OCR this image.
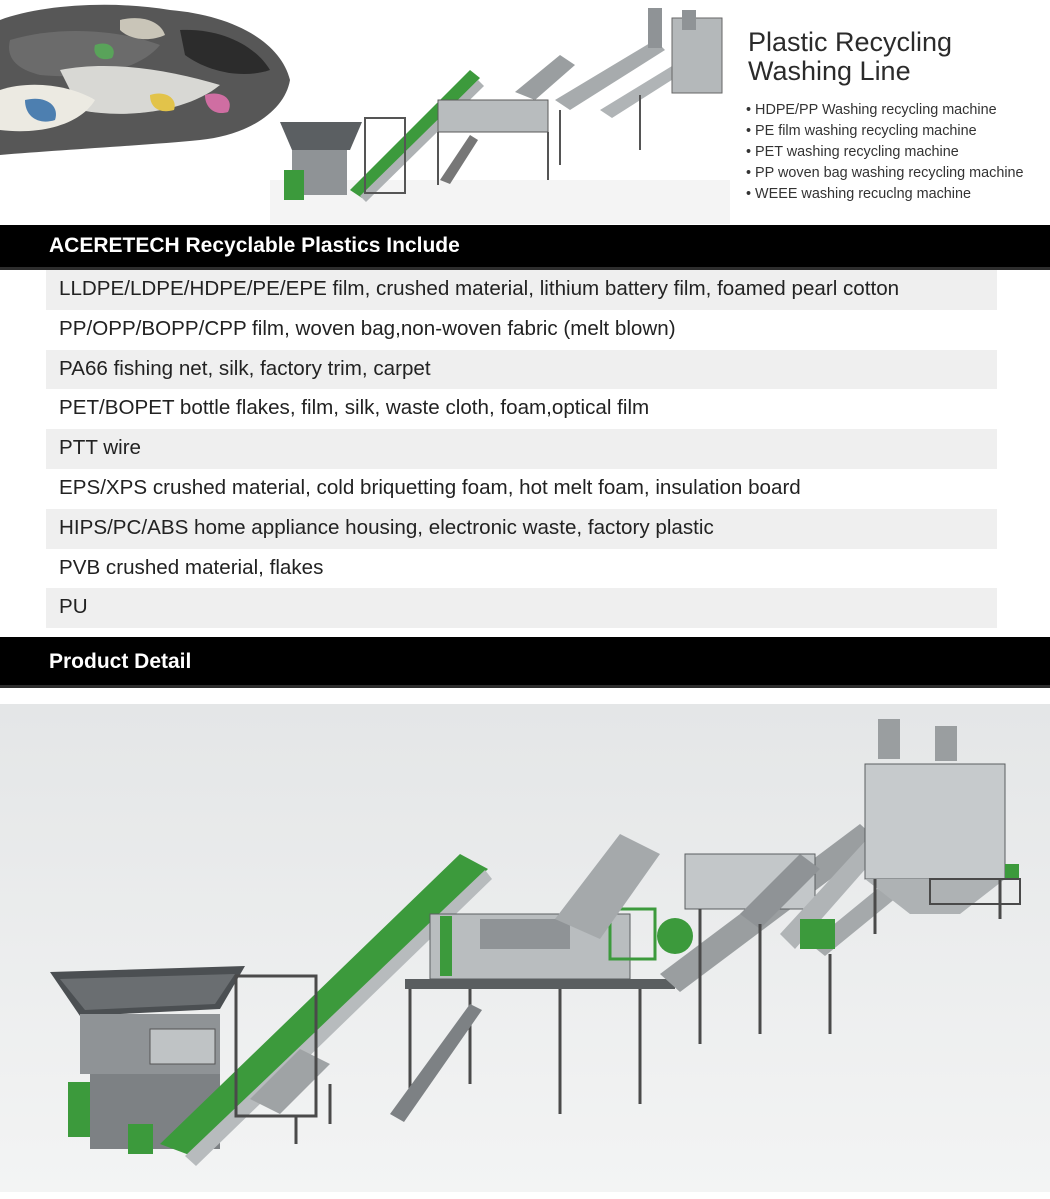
Plastic Recycling
Washing Line
• HDPE/PP Washing recycling machine
• PE film washing recycling machine
• PET washing recycling machine
• PP woven bag washing recycling machine
• WEEE washing recuclng machine
ACERETECH Recyclable Plastics Include
LLDPE/LDPE/HDPE/PE/EPE film, crushed material, lithium battery film, foamed pearl cotton
PP/OPP/BOPP/CPP film, woven bag,non-woven fabric (melt blown)
PA66 fishing net, silk, factory trim, carpet
PET/BOPET bottle flakes, film, silk, waste cloth, foam,optical film
PTT wire
EPS/XPS crushed material, cold briquetting foam, hot melt foam, insulation board
HIPS/PC/ABS home appliance housing, electronic waste, factory plastic
PVB crushed material, flakes
PU
Product Detail
